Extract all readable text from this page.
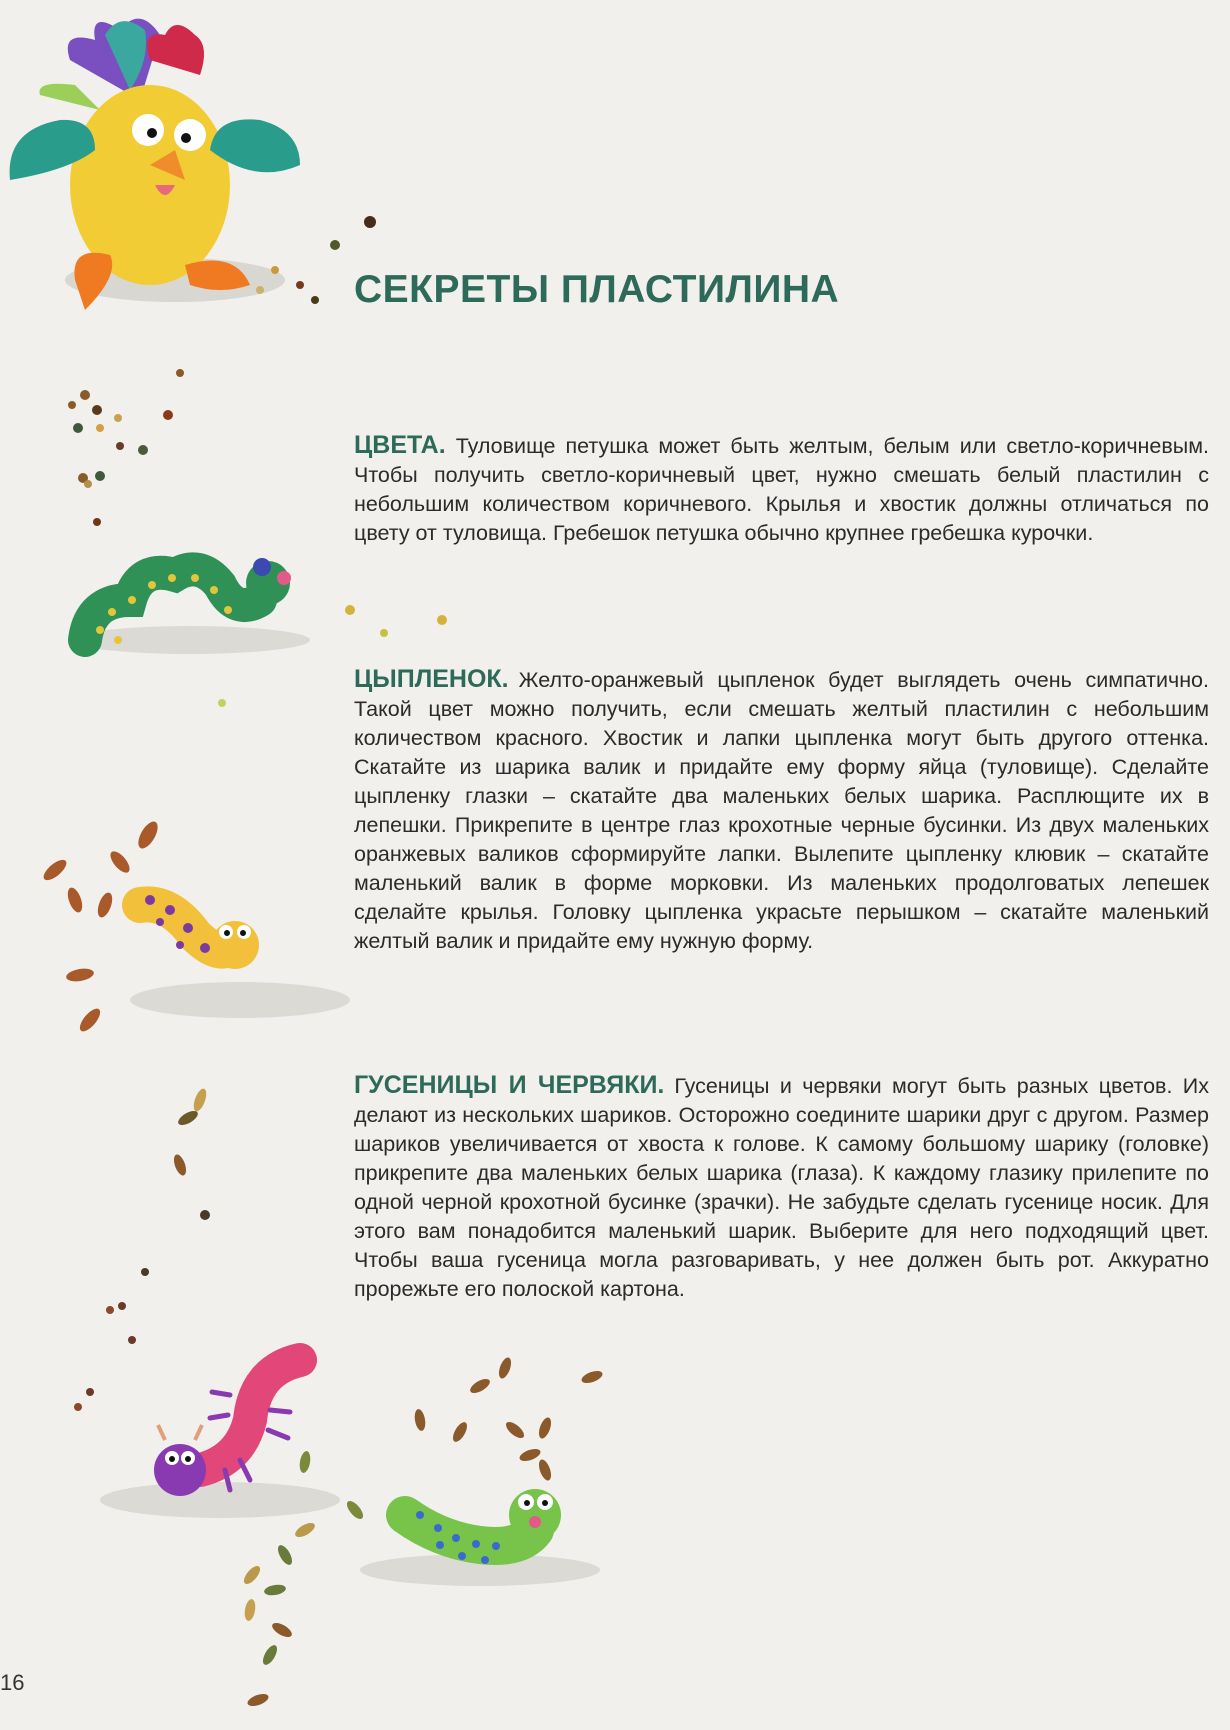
СЕКРЕТЫ ПЛАСТИЛИНА

ЦВЕТА. Туловище петушка может быть желтым, белым или светло-коричневым. Чтобы получить светло-коричневый цвет, нужно смешать белый пластилин с небольшим количеством коричневого. Крылья и хвостик должны отличаться по цвету от туловища. Гребешок петушка обычно крупнее гребешка курочки.

ЦЫПЛЕНОК. Желто-оранжевый цыпленок будет выглядеть очень симпатично. Такой цвет можно получить, если смешать желтый пластилин с небольшим количеством красного. Хвостик и лапки цыпленка могут быть другого оттенка. Скатайте из шарика валик и придайте ему форму яйца (туловище). Сделайте цыпленку глазки – скатайте два маленьких белых шарика. Расплющите их в лепешки. Прикрепите в центре глаз крохотные черные бусинки. Из двух маленьких оранжевых валиков сформируйте лапки. Вылепите цыпленку клювик – скатайте маленький валик в форме морковки. Из маленьких продолговатых лепешек сделайте крылья. Головку цыпленка украсьте перышком – скатайте маленький желтый валик и придайте ему нужную форму.

ГУСЕНИЦЫ И ЧЕРВЯКИ. Гусеницы и червяки могут быть разных цветов. Их делают из нескольких шариков. Осторожно соедините шарики друг с другом. Размер шариков увеличивается от хвоста к голове. К самому большому шарику (головке) прикрепите два маленьких белых шарика (глаза). К каждому глазику прилепите по одной черной крохотной бусинке (зрачки). Не забудьте сделать гусенице носик. Для этого вам понадобится маленький шарик. Выберите для него подходящий цвет. Чтобы ваша гусеница могла разговаривать, у нее должен быть рот. Аккуратно прорежьте его полоской картона.

16
